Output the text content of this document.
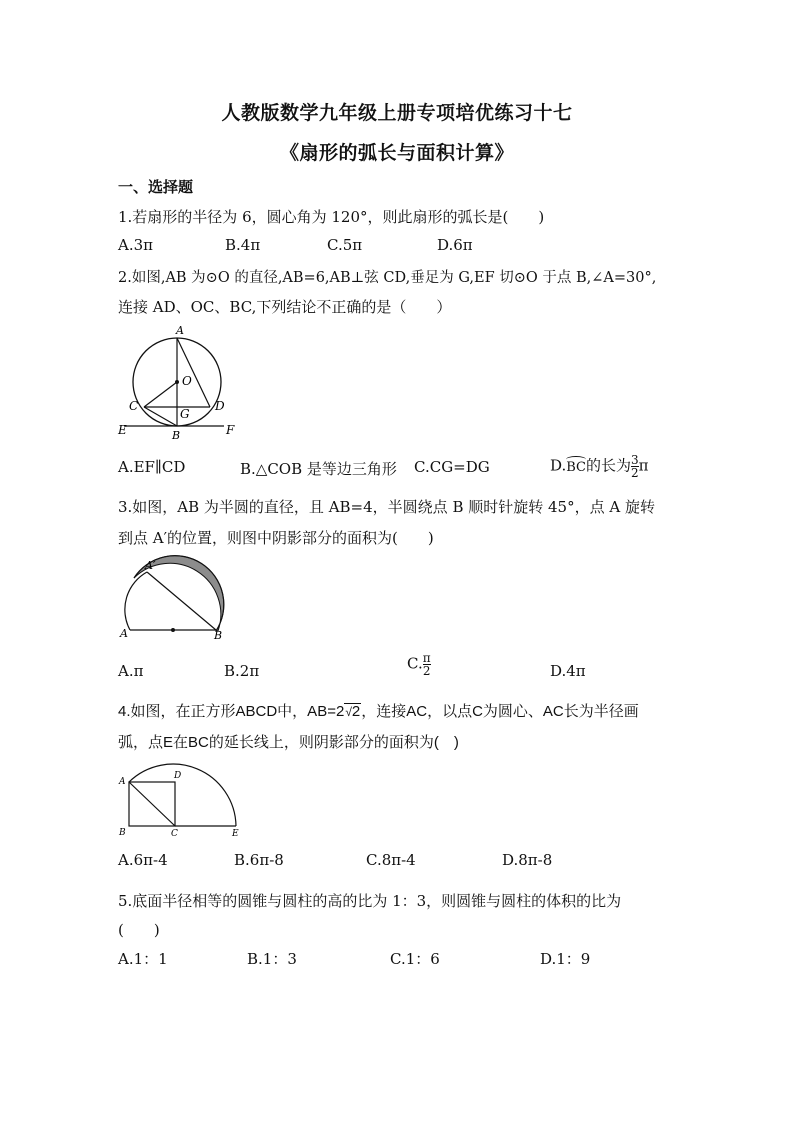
人教版数学九年级上册专项培优练习十七
《扇形的弧长与面积计算》
一、选择题
1.若扇形的半径为 6，圆心角为 120°，则此扇形的弧长是(　　)
A.3π	B.4π	C.5π	D.6π
2.如图,AB 为⊙O 的直径,AB=6,AB⊥弦 CD,垂足为 G,EF 切⊙O 于点 B,∠A=30°,
连接 AD、OC、BC,下列结论不正确的是（　　）
A
O
C	D
G
B
E	F
A.EF∥CD	B.△COB 是等边三角形 C.CG=DG	D.BC的长为 $\frac{3}{2}$ π
3.如图，AB 为半圆的直径，且 AB=4，半圆绕点 B 顺时针旋转 45°，点 A 旋转
到点 A′的位置，则图中阴影部分的面积为(　　)
A′
A	B
A.π	B.2π	C. $\frac{\pi}{2}$	D.4π
4.如图，在正方形ABCD中，AB=2√2，连接AC，以点C为圆心、AC长为半径画
弧，点E在BC的延长线上，则阴影部分的面积为(　)
A
D
B	C	E
A.6π-4	B.6π-8	C.8π-4	D.8π-8
5.底面半径相等的圆锥与圆柱的高的比为 1：3，则圆锥与圆柱的体积的比为
(　　)
A.1：1	B.1：3	C.1：6	D.1：9
